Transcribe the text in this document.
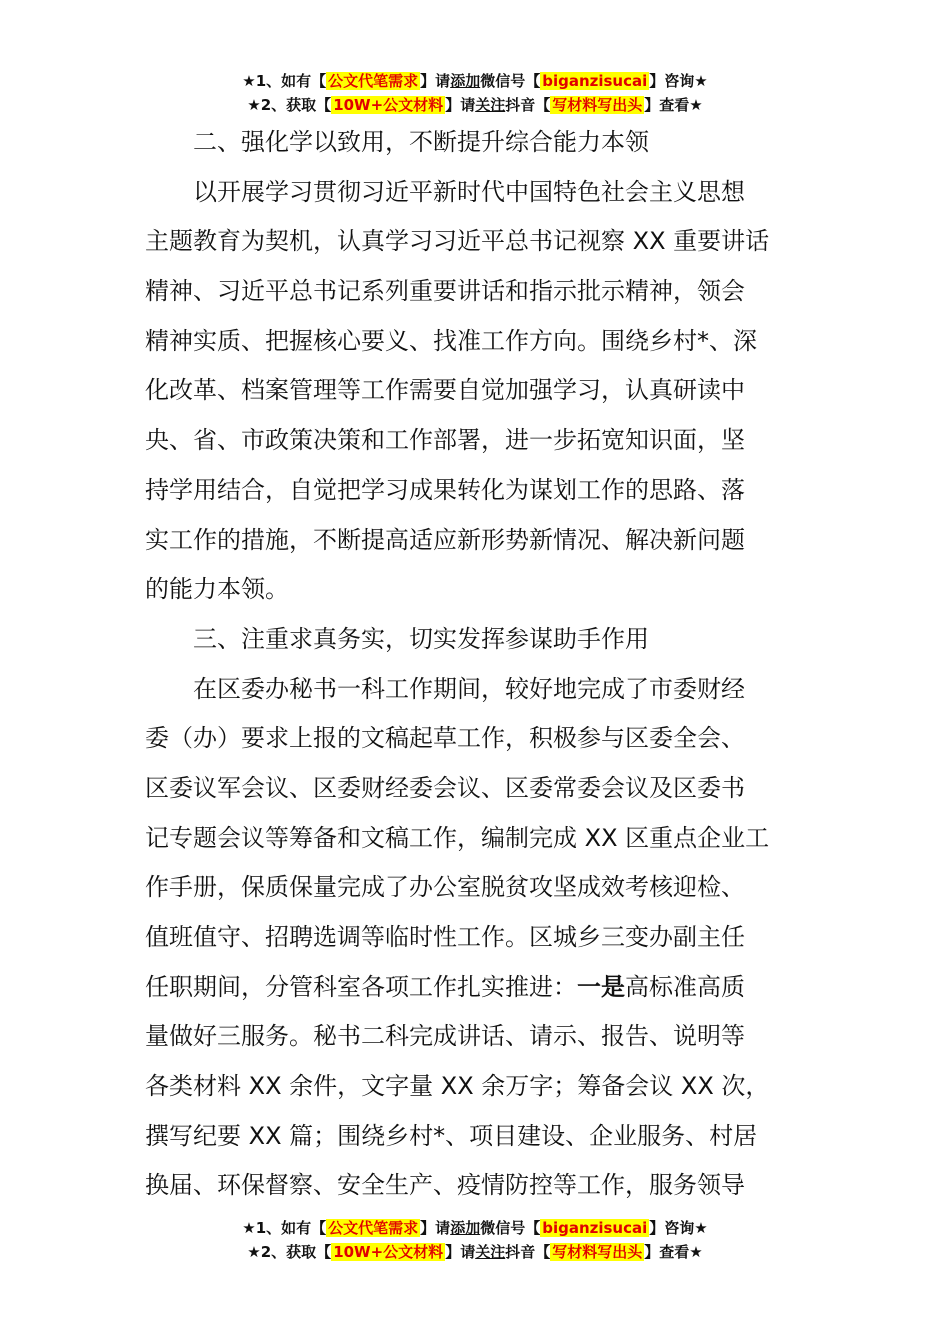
★1、如有【 公文代笔需求 】请添加微信号【 biganzisucai 】咨询★
★2、获取【 10W+公文材料 】请关注抖音【 写材料写出头 】查看★
二、强化学以致用，不断提升综合能力本领
以开展学习贯彻习近平新时代中国特色社会主义思想
主题教育为契机，认真学习习近平总书记视察 XX 重要讲话
精神、习近平总书记系列重要讲话和指示批示精神，领会
精神实质、把握核心要义、找准工作方向。围绕乡村*、深
化改革、档案管理等工作需要自觉加强学习，认真研读中
央、省、市政策决策和工作部署，进一步拓宽知识面，坚
持学用结合，自觉把学习成果转化为谋划工作的思路、落
实工作的措施，不断提高适应新形势新情况、解决新问题
的能力本领。
三、注重求真务实，切实发挥参谋助手作用
在区委办秘书一科工作期间，较好地完成了市委财经
委（办）要求上报的文稿起草工作，积极参与区委全会、
区委议军会议、区委财经委会议、区委常委会议及区委书
记专题会议等筹备和文稿工作，编制完成 XX 区重点企业工
作手册，保质保量完成了办公室脱贫攻坚成效考核迎检、
值班值守、招聘选调等临时性工作。区城乡三变办副主任
任职期间，分管科室各项工作扎实推进：一是高标准高质
量做好三服务。秘书二科完成讲话、请示、报告、说明等
各类材料 XX 余件，文字量 XX 余万字；筹备会议 XX 次，
撰写纪要 XX 篇；围绕乡村*、项目建设、企业服务、村居
换届、环保督察、安全生产、疫情防控等工作，服务领导
★1、如有【 公文代笔需求 】请添加微信号【 biganzisucai 】咨询★
★2、获取【 10W+公文材料 】请关注抖音【 写材料写出头 】查看★
